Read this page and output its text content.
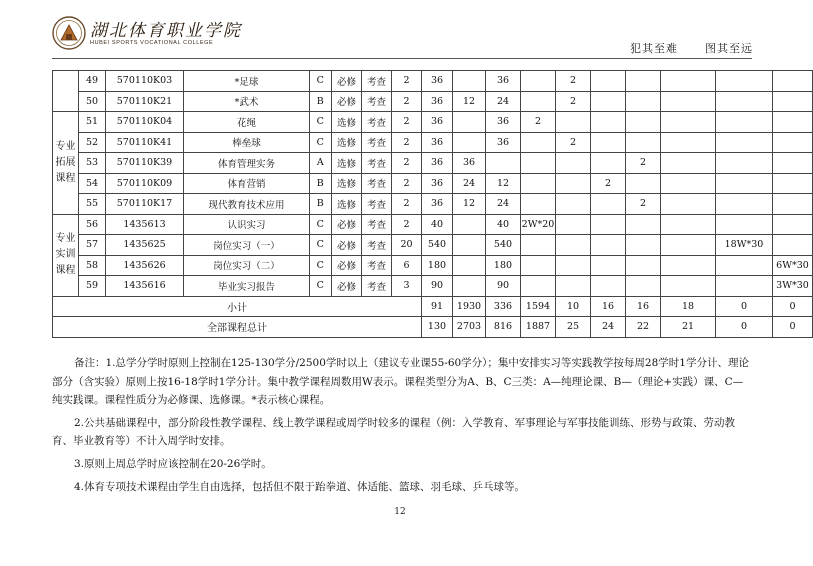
湖北体育职业学院
HUBEI SPORTS VOCATIONAL COLLEGE	犯其至难 图其至远
	49	570110K03	*足球	C	必修	考查	2	36		36		2					
	50	570110K21	*武术	B	必修	考查	2	36	12	24		2					

专业
拓展
课程	51	570110K04	花绳	C	选修	考查	2	36		36	2						
	52	570110K41	棒垒球	C	选修	考查	2	36		36		2					
	53	570110K39	体育管理实务	A	选修	考查	2	36	36					2			
	54	570110K09	体育营销	B	选修	考查	2	36	24	12			2				
	55	570110K17	现代教育技术应用	B	选修	考查	2	36	12	24				2			

专业
实训
课程	56	1435613	认识实习	C	必修	考查	2	40		40	2W*20						
	57	1435625	岗位实习（一）	C	必修	考查	20	540		540						18W*30	
	58	1435626	岗位实习（二）	C	必修	考查	6	180		180							6W*30
	59	1435616	毕业实习报告	C	必修	考查	3	90		90							3W*30
小计								91	1930	336	1594	10	16	16	18	0	0
全部课程总计								130	2703	816	1887	25	24	22	21	0	0

备注：1.总学分学时原则上控制在125-130学分/2500学时以上（建议专业课55-60学分）；集中安排实习等实践教学按每周28学时1学分计、理论部分（含实验）原则上按16-18学时1学分计。集中教学课程周数用W表示。课程类型分为A、B、C三类：A—纯理论课、B—（理论+实践）课、C—纯实践课。课程性质分为必修课、选修课。*表示核心课程。

2.公共基础课程中，部分阶段性教学课程、线上教学课程或周学时较多的课程（例：入学教育、军事理论与军事技能训练、形势与政策、劳动教育、毕业教育等）不计入周学时安排。

3.原则上周总学时应该控制在20-26学时。

4.体育专项技术课程由学生自由选择，包括但不限于跆拳道、体适能、篮球、羽毛球、乒乓球等。

12
